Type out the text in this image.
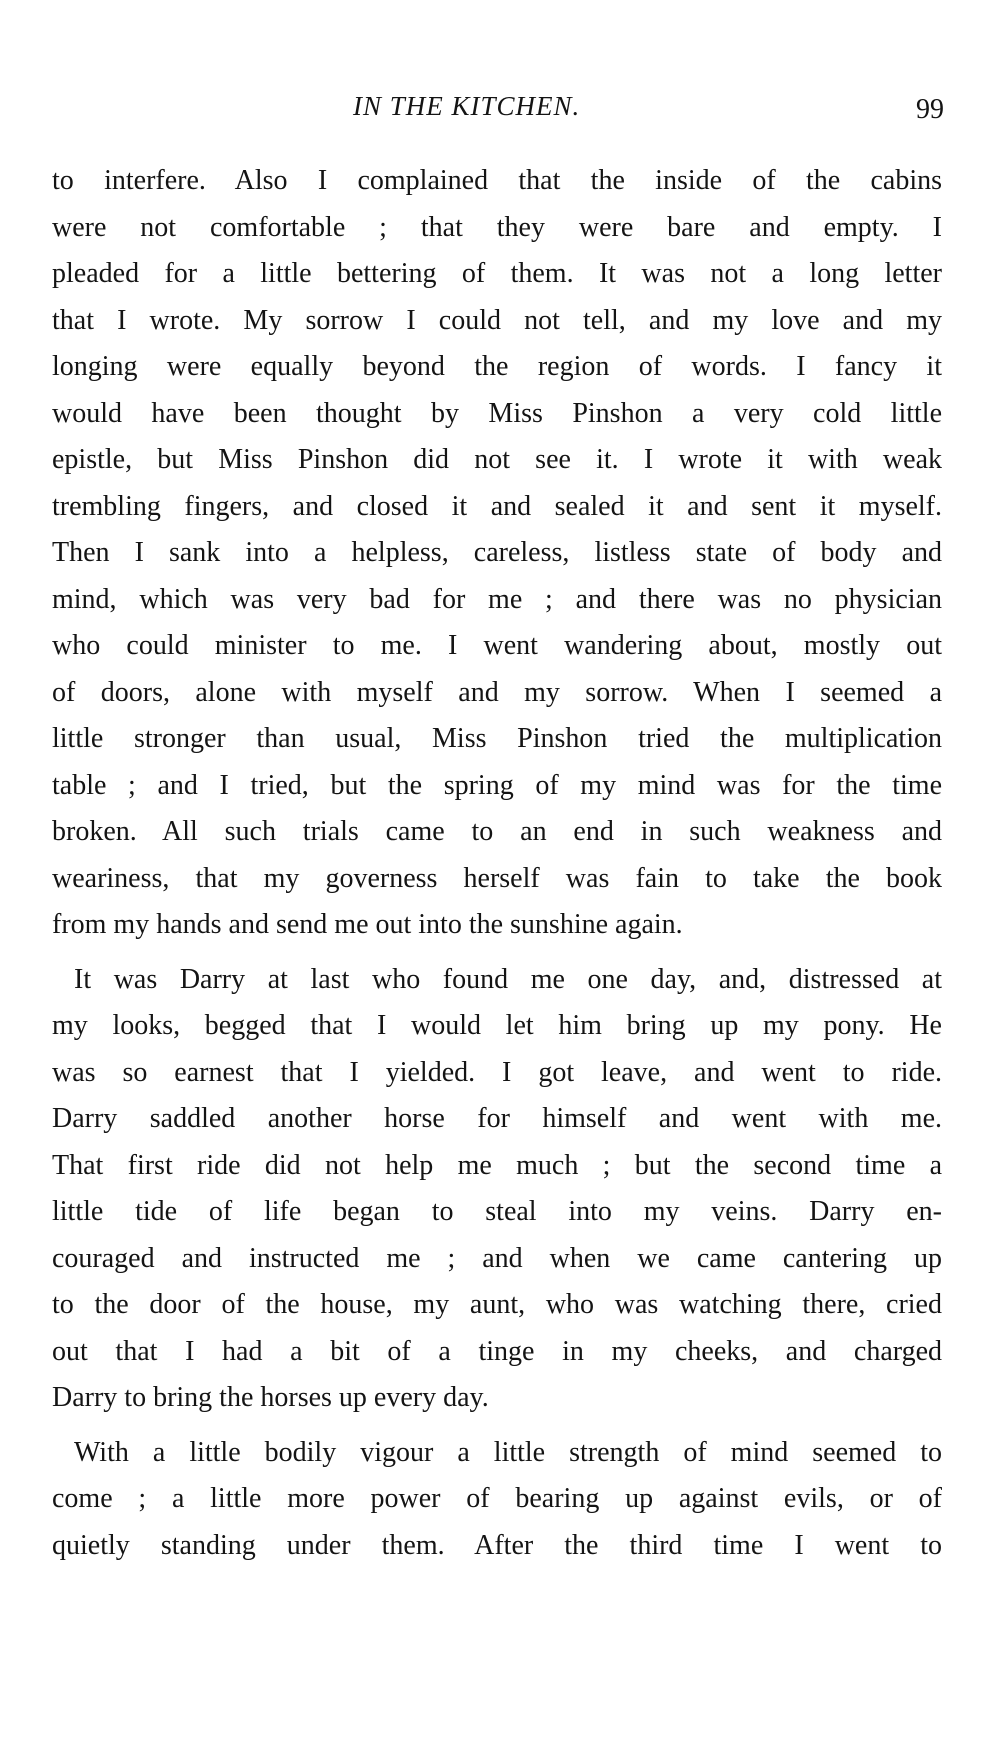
IN THE KITCHEN.	99
to interfere. Also I complained that the inside of the cabins
were not comfortable ; that they were bare and empty. I
pleaded for a little bettering of them. It was not a long letter
that I wrote. My sorrow I could not tell, and my love and my
longing were equally beyond the region of words. I fancy it
would have been thought by Miss Pinshon a very cold little
epistle, but Miss Pinshon did not see it. I wrote it with weak
trembling fingers, and closed it and sealed it and sent it myself.
Then I sank into a helpless, careless, listless state of body and
mind, which was very bad for me ; and there was no physician
who could minister to me. I went wandering about, mostly out
of doors, alone with myself and my sorrow. When I seemed a
little stronger than usual, Miss Pinshon tried the multiplication
table ; and I tried, but the spring of my mind was for the time
broken. All such trials came to an end in such weakness and
weariness, that my governess herself was fain to take the book
from my hands and send me out into the sunshine again.
It was Darry at last who found me one day, and, distressed at
my looks, begged that I would let him bring up my pony. He
was so earnest that I yielded. I got leave, and went to ride.
Darry saddled another horse for himself and went with me.
That first ride did not help me much ; but the second time a
little tide of life began to steal into my veins. Darry en-
couraged and instructed me ; and when we came cantering up
to the door of the house, my aunt, who was watching there, cried
out that I had a bit of a tinge in my cheeks, and charged
Darry to bring the horses up every day.
With a little bodily vigour a little strength of mind seemed to
come ; a little more power of bearing up against evils, or of
quietly standing under them. After the third time I went to
